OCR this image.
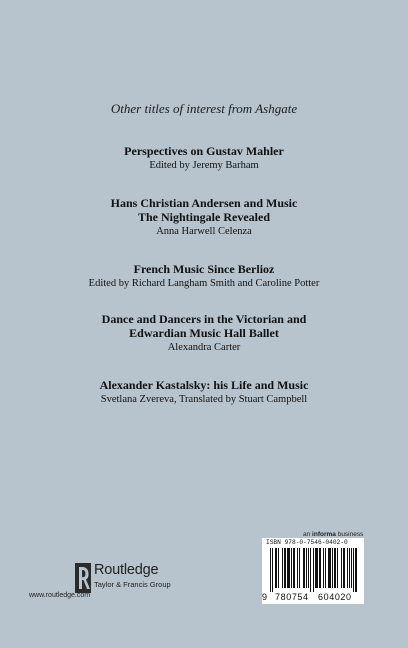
Other titles of interest from Ashgate
Perspectives on Gustav Mahler
Edited by Jeremy Barham
Hans Christian Andersen and Music
The Nightingale Revealed
Anna Harwell Celenza
French Music Since Berlioz
Edited by Richard Langham Smith and Caroline Potter
Dance and Dancers in the Victorian and
Edwardian Music Hall Ballet
Alexandra Carter
Alexander Kastalsky: his Life and Music
Svetlana Zvereva, Translated by Stuart Campbell
Routledge
Taylor & Francis Group
www.routledge.com
an informa business
ISBN 978-0-7546-0402-0
9 780754 604020
